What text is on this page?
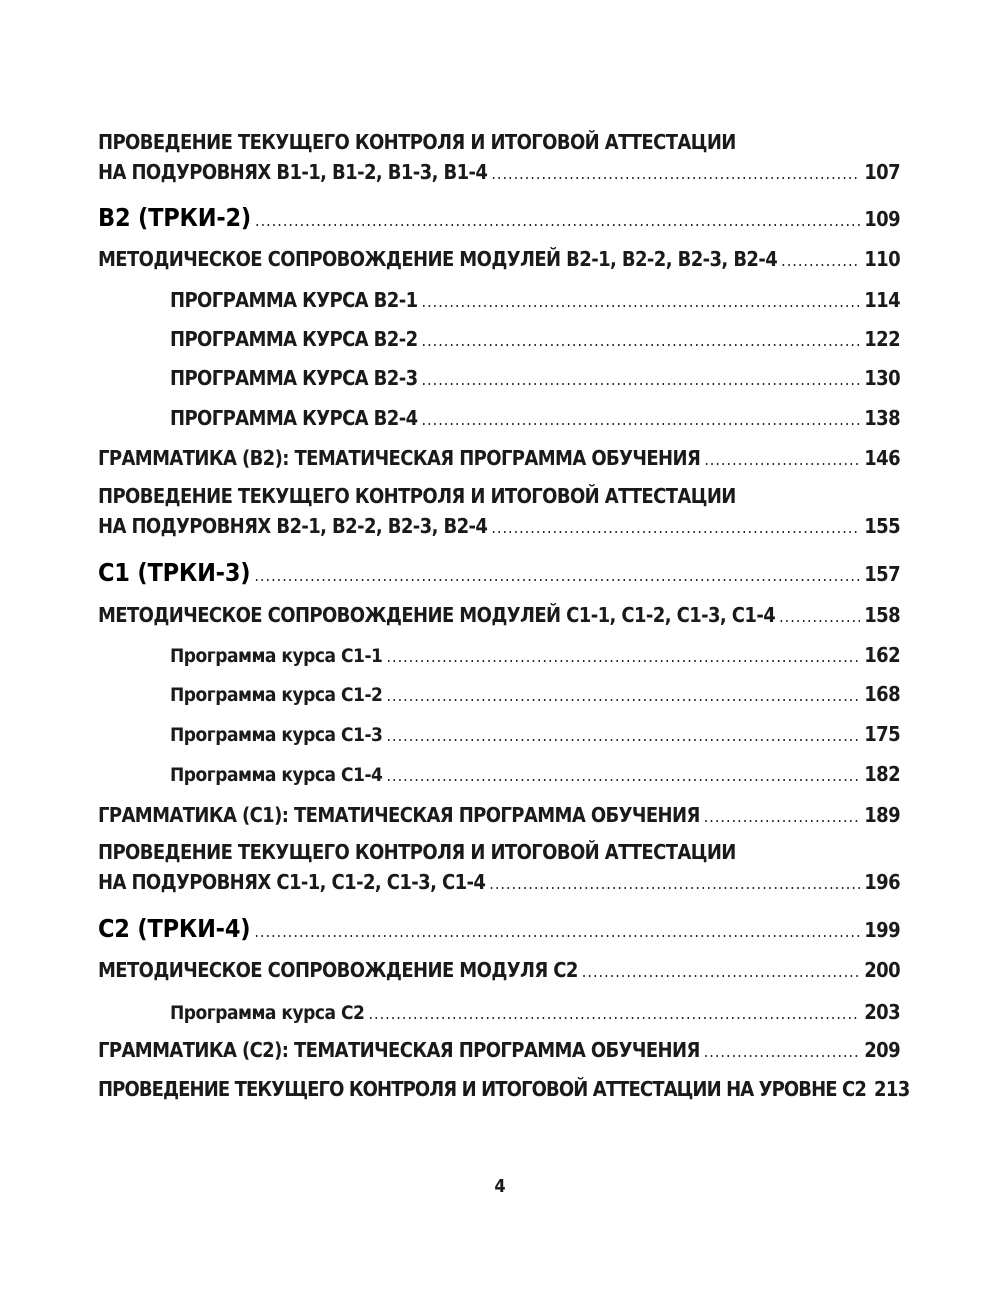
ПРОВЕДЕНИЕ ТЕКУЩЕГО КОНТРОЛЯ И ИТОГОВОЙ АТТЕСТАЦИИ
НА ПОДУРОВНЯХ В1-1, В1-2, В1-3, В1-4 .....	107
В2 (ТРКИ-2) .....	109
МЕТОДИЧЕСКОЕ СОПРОВОЖДЕНИЕ МОДУЛЕЙ В2-1, В2-2, В2-3, В2-4 .....	110
ПРОГРАММА КУРСА В2-1 .....	114
ПРОГРАММА КУРСА В2-2 .....	122
ПРОГРАММА КУРСА В2-3 .....	130
ПРОГРАММА КУРСА В2-4 .....	138
ГРАММАТИКА (В2): ТЕМАТИЧЕСКАЯ ПРОГРАММА ОБУЧЕНИЯ .....	146
ПРОВЕДЕНИЕ ТЕКУЩЕГО КОНТРОЛЯ И ИТОГОВОЙ АТТЕСТАЦИИ
НА ПОДУРОВНЯХ В2-1, В2-2, В2-3, В2-4 .....	155
С1 (ТРКИ-3) .....	157
МЕТОДИЧЕСКОЕ СОПРОВОЖДЕНИЕ МОДУЛЕЙ С1-1, С1-2, С1-3, С1-4 .....	158
Программа курса С1-1 .....	162
Программа курса С1-2 .....	168
Программа курса С1-3 .....	175
Программа курса С1-4 .....	182
ГРАММАТИКА (С1): ТЕМАТИЧЕСКАЯ ПРОГРАММА ОБУЧЕНИЯ .....	189
ПРОВЕДЕНИЕ ТЕКУЩЕГО КОНТРОЛЯ И ИТОГОВОЙ АТТЕСТАЦИИ
НА ПОДУРОВНЯХ С1-1, С1-2, С1-3, С1-4 .....	196
С2 (ТРКИ-4) .....	199
МЕТОДИЧЕСКОЕ СОПРОВОЖДЕНИЕ МОДУЛЯ С2 .....	200
Программа курса С2 .....	203
ГРАММАТИКА (С2): ТЕМАТИЧЕСКАЯ ПРОГРАММА ОБУЧЕНИЯ .....	209
ПРОВЕДЕНИЕ ТЕКУЩЕГО КОНТРОЛЯ И ИТОГОВОЙ АТТЕСТАЦИИ НА УРОВНЕ С2 213
4
